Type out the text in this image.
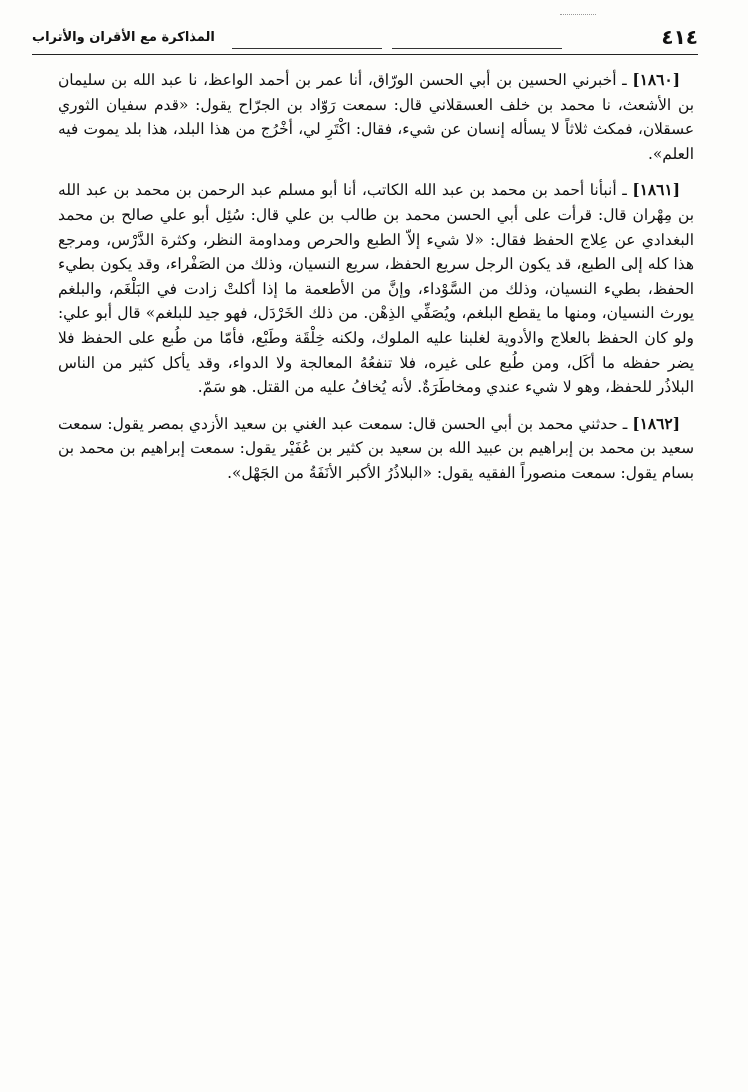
٤١٤
المذاكرة مع الأقران والأتراب

[١٨٦٠] ـ أخبرني الحسين بن أبي الحسن الورّاق، أنا عمر بن أحمد الواعظ، نا عبد الله بن سليمان بن الأشعث، نا محمد بن خلف العسقلاني قال: سمعت رَوّاد بن الجرّاح يقول: «قدم سفيان الثوري عسقلان، فمكث ثلاثاً لا يسأله إنسان عن شيء، فقال: اكْتَرِ لي، أخْرُج من هذا البلد، هذا بلد يموت فيه العلم».

[١٨٦١] ـ أنبأنا أحمد بن محمد بن عبد الله الكاتب، أنا أبو مسلم عبد الرحمن بن محمد بن عبد الله بن مِهْران قال: قرأت على أبي الحسن محمد بن طالب بن علي قال: سُئِل أبو علي صالح بن محمد البغدادي عن عِلاج الحفظ فقال: «لا شيء إلاّ الطبع والحرص ومداومة النظر، وكثرة الدَّرْس، ومرجع هذا كله إلى الطبع، قد يكون الرجل سريع الحفظ، سريع النسيان، وذلك من الصَفْراء، وقد يكون بطيء الحفظ، بطيء النسيان، وذلك من السَّوْداء، وإنَّ من الأطعمة ما إذا أكلتْ زادت في البَلْغَم، والبلغم يورث النسيان، ومنها ما يقطع البلغم، ويُصَفِّي الذِهْن. من ذلك الخَرْدَل، فهو جيد للبلغم» قال أبو علي: ولو كان الحفظ بالعلاج والأدوية لغلبنا عليه الملوك، ولكنه خِلْقَة وطَبْع، فأمّا من طُبع على الحفظ فلا يضر حفظه ما أكَل، ومن طُبع على غيره، فلا تنفعُهُ المعالجة ولا الدواء، وقد يأكل كثير من الناس البلاذُر للحفظ، وهو لا شيء عندي ومخاطَرَةٌ. لأنه يُخافُ عليه من القتل. هو سَمّ.

[١٨٦٢] ـ حدثني محمد بن أبي الحسن قال: سمعت عبد الغني بن سعيد الأزدي بمصر يقول: سمعت سعيد بن محمد بن إبراهيم بن عبيد الله بن سعيد بن كثير بن عُفَيْر يقول: سمعت إبراهيم بن محمد بن بسام يقول: سمعت منصوراً الفقيه يقول: «البلاذُرُ الأكبر الأنَفَةُ من الجَهْل».
